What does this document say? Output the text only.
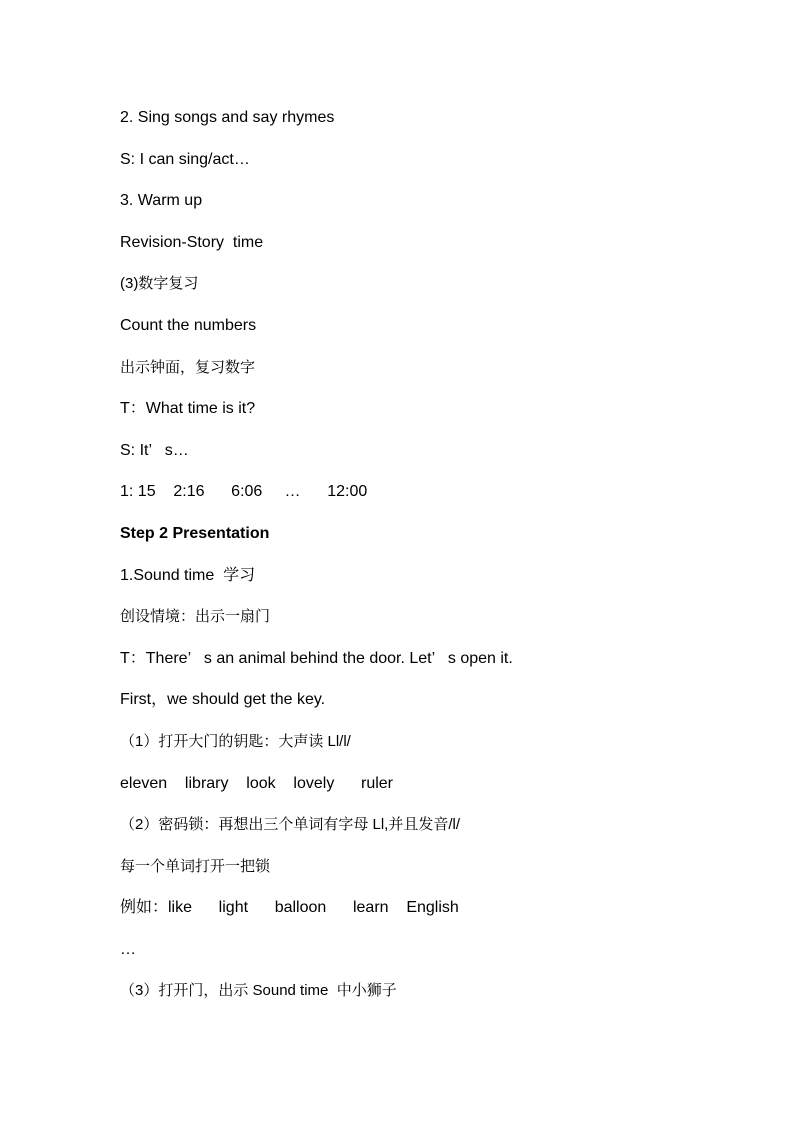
2. Sing songs and say rhymes
S: I can sing/act…
3. Warm up
Revision-Story  time
(3)数字复习
Count the numbers
出示钟面，复习数字
T：What time is it?
S: It’   s…
1: 15    2:16      6:06     …      12:00
Step 2 Presentation
1.Sound time  学习
创设情境：出示一扇门
T：There’   s an animal behind the door. Let’   s open it.
First，we should get the key.
（1）打开大门的钥匙：大声读 Ll/l/
eleven    library    look    lovely      ruler
（2）密码锁：再想出三个单词有字母 Ll,并且发音/l/
每一个单词打开一把锁
例如：like      light      balloon      learn    English
…
（3）打开门，出示 Sound time  中小狮子
